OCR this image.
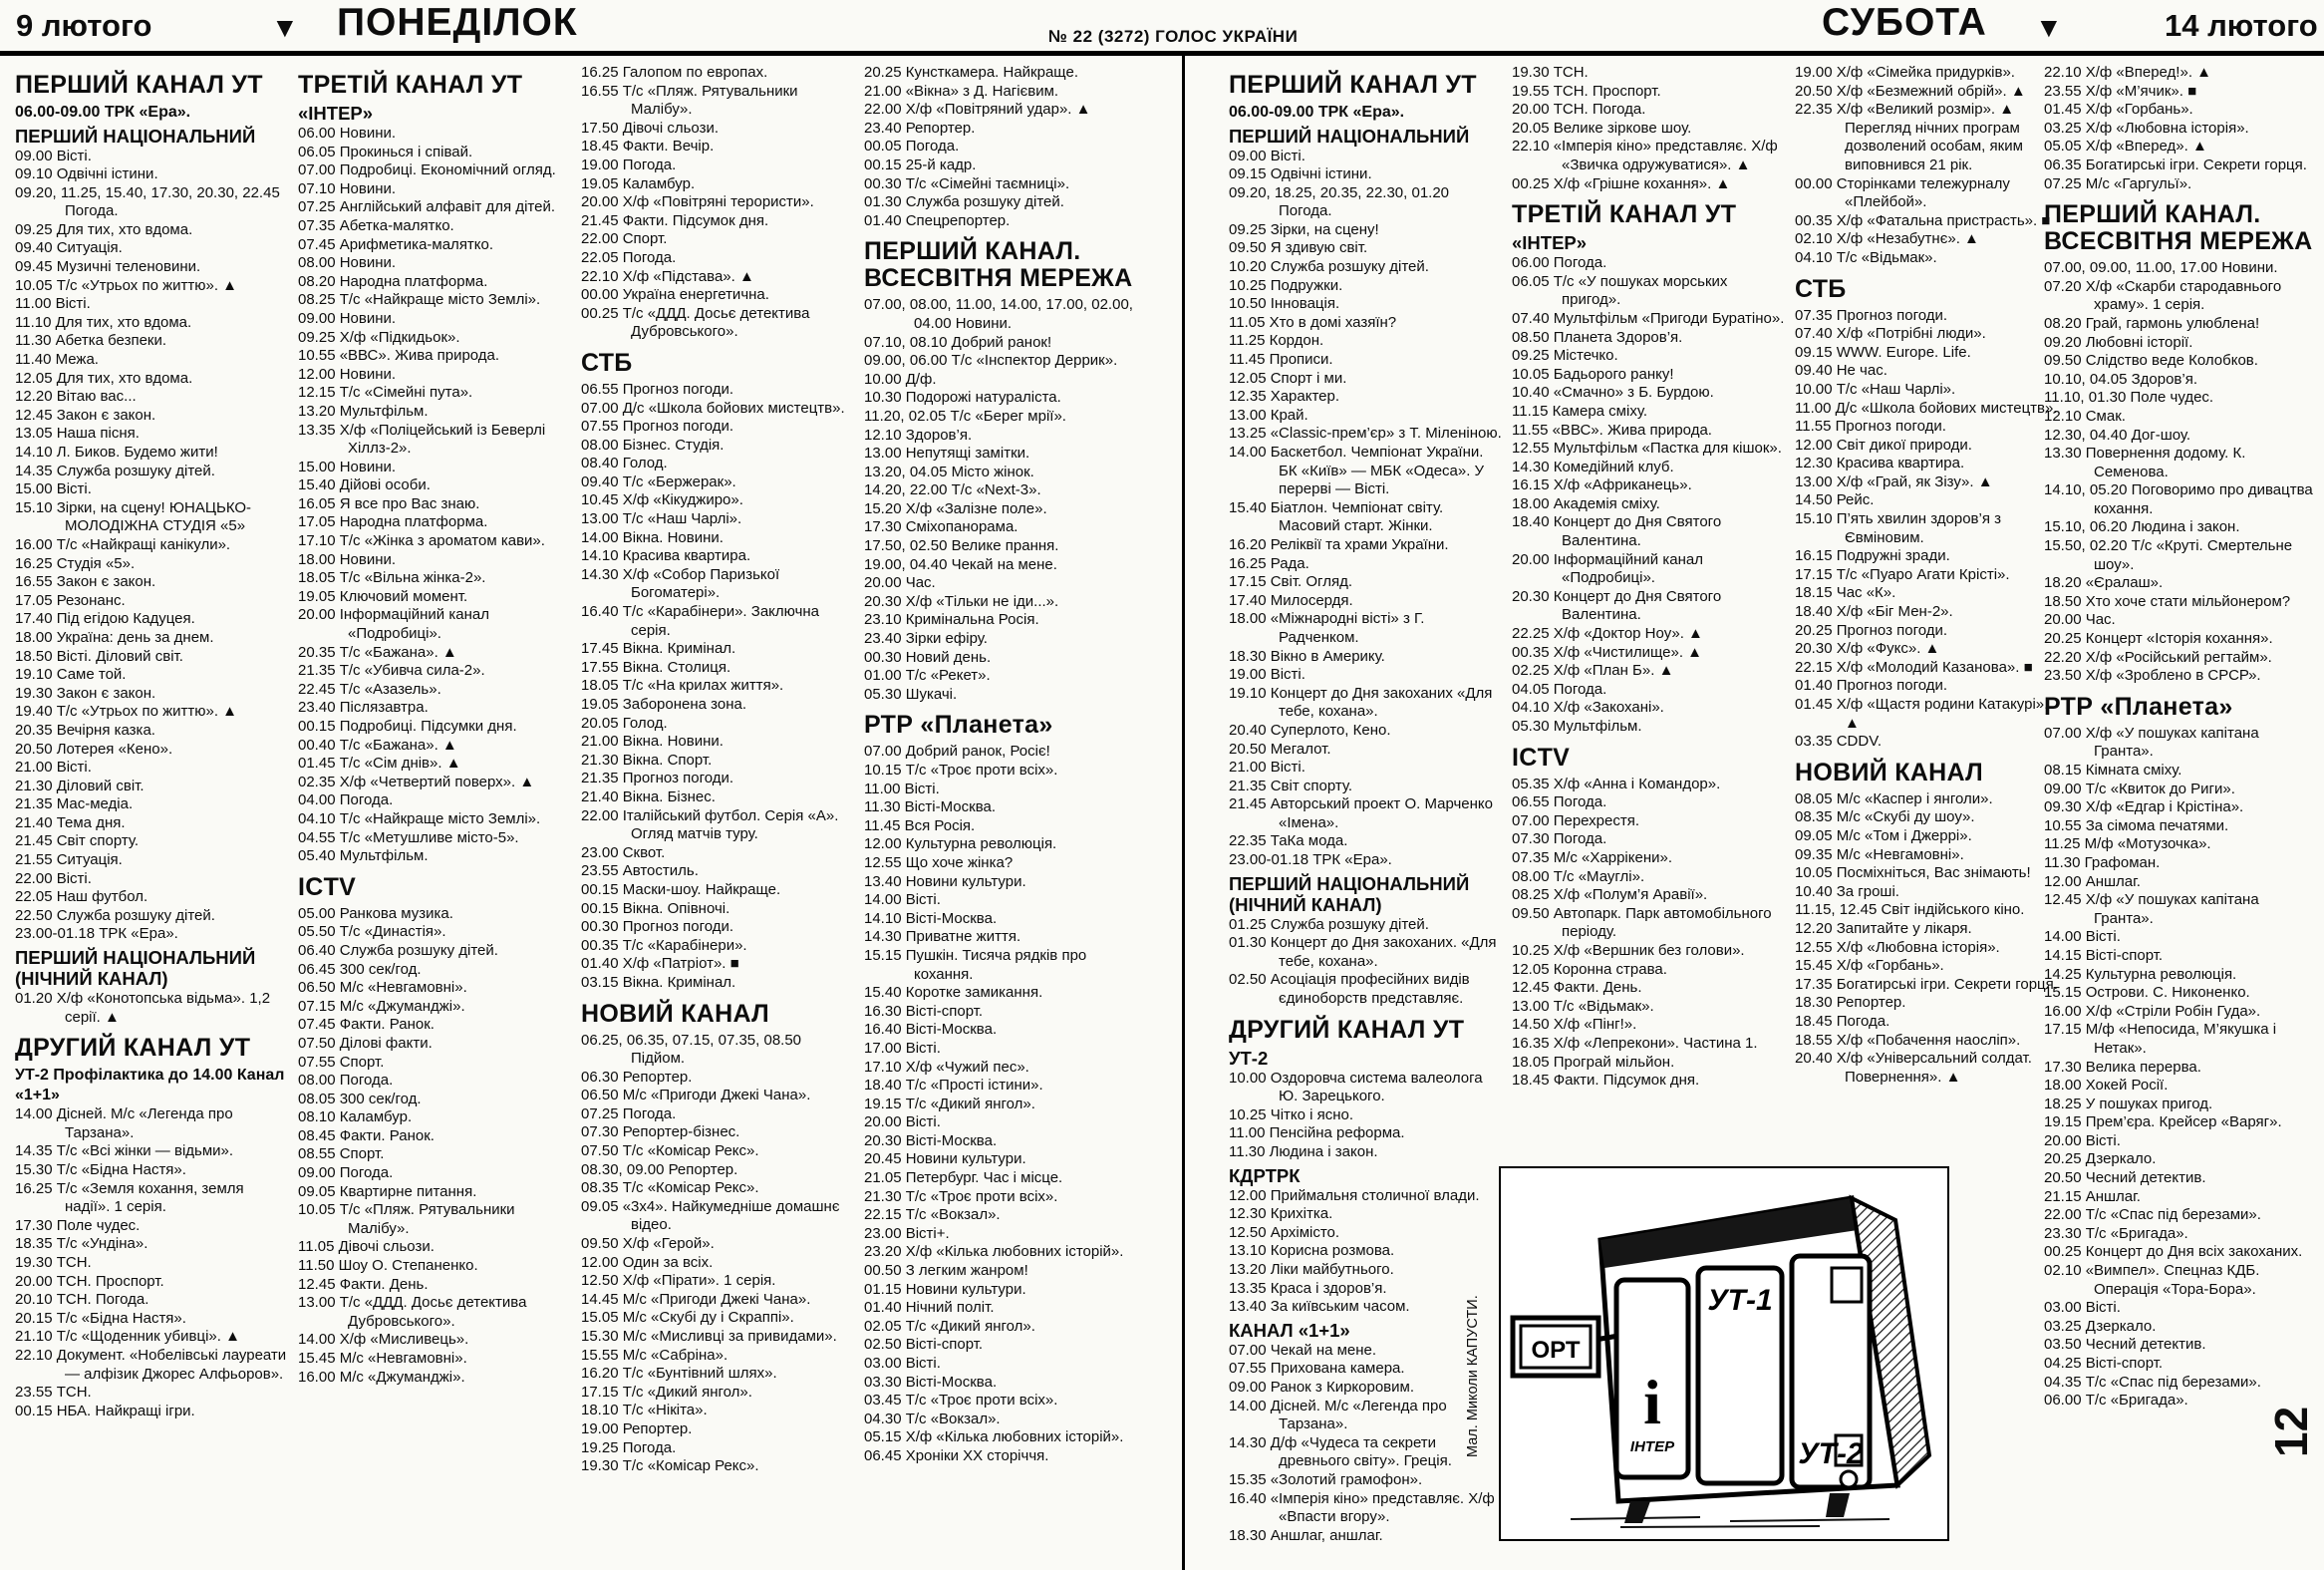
9 лютого	▼ ПОНЕДІЛОК	№ 22 (3272) ГОЛОС УКРАЇНИ	СУБОТА ▼	14 лютого
ПЕРШИЙ КАНАЛ УТ
06.00-09.00 ТРК «Ера».
ПЕРШИЙ НАЦІОНАЛЬНИЙ
09.00 Вісті.
09.10 Одвічні істини.
09.20, 11.25, 15.40, 17.30, 20.30, 22.45 Погода.
09.25 Для тих, хто вдома.
09.40 Ситуація.
09.45 Музичні теленовини.
10.05 Т/с «Утрьох по життю». ▲
11.00 Вісті.
11.10 Для тих, хто вдома.
11.30 Абетка безпеки.
11.40 Межа.
12.05 Для тих, хто вдома.
12.20 Вітаю вас...
12.45 Закон є закон.
13.05 Наша пісня.
14.10 Л. Биков. Будемо жити!
14.35 Служба розшуку дітей.
15.00 Вісті.
15.10 Зірки, на сцену! ЮНАЦЬКО-МОЛОДІЖНА СТУДІЯ «5»
16.00 Т/с «Найкращі канікули».
16.25 Студія «5».
16.55 Закон є закон.
17.05 Резонанс.
17.40 Під егідою Кадуцея.
18.00 Україна: день за днем.
18.50 Вісті. Діловий світ.
19.10 Саме той.
19.30 Закон є закон.
19.40 Т/с «Утрьох по життю». ▲
20.35 Вечірня казка.
20.50 Лотерея «Кено».
21.00 Вісті.
21.30 Діловий світ.
21.35 Мас-медіа.
21.40 Тема дня.
21.45 Світ спорту.
21.55 Ситуація.
22.00 Вісті.
22.05 Наш футбол.
22.50 Служба розшуку дітей.
23.00-01.18 ТРК «Ера».
ПЕРШИЙ НАЦІОНАЛЬНИЙ (НІЧНИЙ КАНАЛ)
01.20 Х/ф «Конотопська відьма». 1,2 серії. ▲
ДРУГИЙ КАНАЛ УТ
УТ-2 Профілактика до 14.00 Канал «1+1»
14.00 Дісней. М/с «Легенда про Тарзана».
14.35 Т/с «Всі жінки — відьми».
15.30 Т/с «Бідна Настя».
16.25 Т/с «Земля кохання, земля надії». 1 серія.
17.30 Поле чудес.
18.35 Т/с «Ундіна».
19.30 ТСН.
20.00 ТСН. Проспорт.
20.10 ТСН. Погода.
20.15 Т/с «Бідна Настя».
21.10 Т/с «Щоденник убивці». ▲
22.10 Документ. «Нобелівські лауреати — алфізик Джорес Алфьоров».
23.55 ТСН.
00.15 НБА. Найкращі ігри.
ТРЕТІЙ КАНАЛ УТ
«ІНТЕР»
06.00 Новини.
06.05 Прокинься і співай.
07.00 Подробиці. Економічний огляд.
07.10 Новини.
07.25 Англійський алфавіт для дітей.
07.35 Абетка-малятко.
07.45 Арифметика-малятко.
08.00 Новини.
08.20 Народна платформа.
08.25 Т/с «Найкраще місто Землі».
09.00 Новини.
09.25 Х/ф «Підкидьок».
10.55 «ВВС». Жива природа.
12.00 Новини.
12.15 Т/с «Сімейні пута».
13.20 Мультфільм.
13.35 Х/ф «Поліцейський із Беверлі Хіллз-2».
15.00 Новини.
15.40 Дійові особи.
16.05 Я все про Вас знаю.
17.05 Народна платформа.
17.10 Т/с «Жінка з ароматом кави».
18.00 Новини.
18.05 Т/с «Вільна жінка-2».
19.05 Ключовий момент.
20.00 Інформаційний канал «Подробиці».
20.35 Т/с «Бажана». ▲
21.35 Т/с «Убивча сила-2».
22.45 Т/с «Азазель».
23.40 Післязавтра.
00.15 Подробиці. Підсумки дня.
00.40 Т/с «Бажана». ▲
01.45 Т/с «Сім днів». ▲
02.35 Х/ф «Четвертий поверх». ▲
04.00 Погода.
04.10 Т/с «Найкраще місто Землі».
04.55 Т/с «Метушливе місто-5».
05.40 Мультфільм.
ICTV
05.00 Ранкова музика.
05.50 Т/с «Династія».
06.40 Служба розшуку дітей.
06.45 300 сек/год.
06.50 М/с «Невгамовні».
07.15 М/с «Джуманджі».
07.45 Факти. Ранок.
07.50 Ділові факти.
07.55 Спорт.
08.00 Погода.
08.05 300 сек/год.
08.10 Каламбур.
08.45 Факти. Ранок.
08.55 Спорт.
09.00 Погода.
09.05 Квартирне питання.
10.05 Т/с «Пляж. Рятувальники Малібу».
11.05 Дівочі сльози.
11.50 Шоу О. Степаненко.
12.45 Факти. День.
13.00 Т/с «ДДД. Досьє детектива Дубровського».
14.00 Х/ф «Мисливець».
15.45 М/с «Невгамовні».
16.00 М/с «Джуманджі».
16.25 Галопом по европах.
16.55 Т/с «Пляж. Рятувальники Малібу».
17.50 Дівочі сльози.
18.45 Факти. Вечір.
19.00 Погода.
19.05 Каламбур.
20.00 Х/ф «Повітряні терористи».
21.45 Факти. Підсумок дня.
22.00 Спорт.
22.05 Погода.
22.10 Х/ф «Підстава». ▲
00.00 Україна енергетична.
00.25 Т/с «ДДД. Досьє детектива Дубровського».
СТБ
06.55 Прогноз погоди.
07.00 Д/с «Школа бойових мистецтв».
07.55 Прогноз погоди.
08.00 Бізнес. Студія.
08.40 Голод.
09.40 Т/с «Бержерак».
10.45 Х/ф «Кікуджиро».
13.00 Т/с «Наш Чарлі».
14.00 Вікна. Новини.
14.10 Красива квартира.
14.30 Х/ф «Собор Паризької Богоматері».
16.40 Т/с «Карабінери». Заключна серія.
17.45 Вікна. Кримінал.
17.55 Вікна. Столиця.
18.05 Т/с «На крилах життя».
19.05 Заборонена зона.
20.05 Голод.
21.00 Вікна. Новини.
21.30 Вікна. Спорт.
21.35 Прогноз погоди.
21.40 Вікна. Бізнес.
22.00 Італійський футбол. Серія «А». Огляд матчів туру.
23.00 Сквот.
23.55 Автостиль.
00.15 Маски-шоу. Найкраще.
00.15 Вікна. Опівночі.
00.30 Прогноз погоди.
00.35 Т/с «Карабінери».
01.40 Х/ф «Патріот». ■
03.15 Вікна. Кримінал.
НОВИЙ КАНАЛ
06.25, 06.35, 07.15, 07.35, 08.50 Підйом.
06.30 Репортер.
06.50 М/с «Пригоди Джекі Чана».
07.25 Погода.
07.30 Репортер-бізнес.
07.50 Т/с «Комісар Рекс».
08.30, 09.00 Репортер.
08.35 Т/с «Комісар Рекс».
09.05 «3х4». Найкумедніше домашнє відео.
09.50 Х/ф «Герой».
12.00 Один за всіх.
12.50 Х/ф «Пірати». 1 серія.
14.45 М/с «Пригоди Джекі Чана».
15.05 М/с «Скубі ду і Скраппі».
15.30 М/с «Мисливці за привидами».
15.55 М/с «Сабріна».
16.20 Т/с «Бунтівний шлях».
17.15 Т/с «Дикий янгол».
18.10 Т/с «Нікіта».
19.00 Репортер.
19.25 Погода.
19.30 Т/с «Комісар Рекс».
20.25 Кунсткамера. Найкраще.
21.00 «Вікна» з Д. Нагієвим.
22.00 Х/ф «Повітряний удар». ▲
23.40 Репортер.
00.05 Погода.
00.15 25-й кадр.
00.30 Т/с «Сімейні таємниці».
01.30 Служба розшуку дітей.
01.40 Спецрепортер.
ПЕРШИЙ КАНАЛ. ВСЕСВІТНЯ МЕРЕЖА
07.00, 08.00, 11.00, 14.00, 17.00, 02.00, 04.00 Новини.
07.10, 08.10 Добрий ранок!
09.00, 06.00 Т/с «Інспектор Деррик».
10.00 Д/ф.
10.30 Подорожі натураліста.
11.20, 02.05 Т/с «Берег мрії».
12.10 Здоров’я.
13.00 Непутящі замітки.
13.20, 04.05 Місто жінок.
14.20, 22.00 Т/с «Next-3».
15.20 Х/ф «Залізне поле».
17.30 Сміхопанорама.
17.50, 02.50 Велике прання.
19.00, 04.40 Чекай на мене.
20.00 Час.
20.30 Х/ф «Тільки не іди...».
23.10 Кримінальна Росія.
23.40 Зірки ефіру.
00.30 Новий день.
01.00 Т/с «Рекет».
05.30 Шукачі.
РТР «Планета»
07.00 Добрий ранок, Росіє!
10.15 Т/с «Троє проти всіх».
11.00 Вісті.
11.30 Вісті-Москва.
11.45 Вся Росія.
12.00 Культурна революція.
12.55 Що хоче жінка?
13.40 Новини культури.
14.00 Вісті.
14.10 Вісті-Москва.
14.30 Приватне життя.
15.15 Пушкін. Тисяча рядків про кохання.
15.40 Коротке замикання.
16.30 Вісті-спорт.
16.40 Вісті-Москва.
17.00 Вісті.
17.10 Х/ф «Чужий пес».
18.40 Т/с «Прості істини».
19.15 Т/с «Дикий янгол».
20.00 Вісті.
20.30 Вісті-Москва.
20.45 Новини культури.
21.05 Петербург. Час і місце.
21.30 Т/с «Троє проти всіх».
22.15 Т/с «Вокзал».
23.00 Вісті+.
23.20 Х/ф «Кілька любовних історій».
00.50 З легким жанром!
01.15 Новини культури.
01.40 Нічний політ.
02.05 Т/с «Дикий янгол».
02.50 Вісті-спорт.
03.00 Вісті.
03.30 Вісті-Москва.
03.45 Т/с «Троє проти всіх».
04.30 Т/с «Вокзал».
05.15 Х/ф «Кілька любовних історій».
06.45 Хроніки XX сторіччя.
ПЕРШИЙ КАНАЛ УТ
06.00-09.00 ТРК «Ера».
ПЕРШИЙ НАЦІОНАЛЬНИЙ
09.00 Вісті.
09.15 Одвічні істини.
09.20, 18.25, 20.35, 22.30, 01.20 Погода.
09.25 Зірки, на сцену!
09.50 Я здивую світ.
10.20 Служба розшуку дітей.
10.25 Подружки.
10.50 Інновація.
11.05 Хто в домі хазяїн?
11.25 Кордон.
11.45 Прописи.
12.05 Спорт і ми.
12.35 Характер.
13.00 Край.
13.25 «Classic-прем’єр» з Т. Міленіною.
14.00 Баскетбол. Чемпіонат України. БК «Київ» — МБК «Одеса». У перерві — Вісті.
15.40 Біатлон. Чемпіонат світу. Масовий старт. Жінки.
16.20 Реліквії та храми України.
16.25 Рада.
17.15 Світ. Огляд.
17.40 Милосердя.
18.00 «Міжнародні вісті» з Г. Радченком.
18.30 Вікно в Америку.
19.00 Вісті.
19.10 Концерт до Дня закоханих «Для тебе, кохана».
20.40 Суперлото, Кено.
20.50 Мегалот.
21.00 Вісті.
21.35 Світ спорту.
21.45 Авторський проект О. Марченко «Імена».
22.35 ТаКа мода.
23.00-01.18 ТРК «Ера».
ПЕРШИЙ НАЦІОНАЛЬНИЙ (НІЧНИЙ КАНАЛ)
01.25 Служба розшуку дітей.
01.30 Концерт до Дня закоханих. «Для тебе, кохана».
02.50 Асоціація професійних видів єдиноборств представляє.
ДРУГИЙ КАНАЛ УТ
УТ-2
10.00 Оздоровча система валеолога Ю. Зарецького.
10.25 Чітко і ясно.
11.00 Пенсійна реформа.
11.30 Людина і закон.
КДРТРК
12.00 Приймальня столичної влади.
12.30 Крихітка.
12.50 Архімісто.
13.10 Корисна розмова.
13.20 Ліки майбутнього.
13.35 Краса і здоров’я.
13.40 За київським часом.
КАНАЛ «1+1»
07.00 Чекай на мене.
07.55 Прихована камера.
09.00 Ранок з Киркоровим.
14.00 Дісней. М/с «Легенда про Тарзана».
14.30 Д/ф «Чудеса та секрети древнього світу». Греція.
15.35 «Золотий грамофон».
16.40 «Імперія кіно» представляє. Х/ф «Впасти вгору».
18.30 Аншлаг, аншлаг.
19.30 ТСН.
19.55 ТСН. Проспорт.
20.00 ТСН. Погода.
20.05 Велике зіркове шоу.
22.10 «Імперія кіно» представляє. Х/ф «Звичка одружуватися». ▲
00.25 Х/ф «Грішне кохання». ▲
ТРЕТІЙ КАНАЛ УТ
«ІНТЕР»
06.00 Погода.
06.05 Т/с «У пошуках морських пригод».
07.40 Мультфільм «Пригоди Буратіно».
08.50 Планета Здоров’я.
09.25 Містечко.
10.05 Бадьорого ранку!
10.40 «Смачно» з Б. Бурдою.
11.15 Камера сміху.
11.55 «ВВС». Жива природа.
12.55 Мультфільм «Пастка для кішок».
14.30 Комедійний клуб.
16.15 Х/ф «Африканець».
18.00 Академія сміху.
18.40 Концерт до Дня Святого Валентина.
20.00 Інформаційний канал «Подробиці».
20.30 Концерт до Дня Святого Валентина.
22.25 Х/ф «Доктор Ноу». ▲
00.35 Х/ф «Чистилище». ▲
02.25 Х/ф «План Б». ▲
04.05 Погода.
04.10 Х/ф «Закохані».
05.30 Мультфільм.
ICTV
05.35 Х/ф «Анна і Командор».
06.55 Погода.
07.00 Перехрестя.
07.30 Погода.
07.35 М/с «Харрікени».
08.00 Т/с «Мауглі».
08.25 Х/ф «Полум’я Аравії».
09.50 Автопарк. Парк автомобільного періоду.
10.25 Х/ф «Вершник без голови».
12.05 Коронна страва.
12.45 Факти. День.
13.00 Т/с «Відьмак».
14.50 Х/ф «Пінг!».
16.35 Х/ф «Лепрекони». Частина 1.
18.05 Програй мільйон.
18.45 Факти. Підсумок дня.
19.00 Х/ф «Сімейка придурків».
20.50 Х/ф «Безмежний обрій». ▲
22.35 Х/ф «Великий розмір». ▲ Перегляд нічних програм дозволений особам, яким виповнився 21 рік.
00.00 Сторінками тележурналу «Плейбой».
00.35 Х/ф «Фатальна пристрасть». ■
02.10 Х/ф «Незабутнє». ▲
04.10 Т/с «Відьмак».
СТБ
07.35 Прогноз погоди.
07.40 Х/ф «Потрібні люди».
09.15 WWW. Europe. Life.
09.40 Не час.
10.00 Т/с «Наш Чарлі».
11.00 Д/с «Школа бойових мистецтв».
11.55 Прогноз погоди.
12.00 Світ дикої природи.
12.30 Красива квартира.
13.00 Х/ф «Грай, як Зізу». ▲
14.50 Рейс.
15.10 П’ять хвилин здоров’я з Євміновим.
16.15 Подружні зради.
17.15 Т/с «Пуаро Агати Крісті».
18.15 Час «К».
18.40 Х/ф «Біг Мен-2».
20.25 Прогноз погоди.
20.30 Х/ф «Фукс». ▲
22.15 Х/ф «Молодий Казанова». ■
01.40 Прогноз погоди.
01.45 Х/ф «Щастя родини Катакурі». ▲
03.35 CDDV.
НОВИЙ КАНАЛ
08.05 М/с «Каспер і янголи».
08.35 М/с «Скубі ду шоу».
09.05 М/с «Том і Джеррі».
09.35 М/с «Невгамовні».
10.05 Посміхніться, Вас знімають!
10.40 За гроші.
11.15, 12.45 Світ індійського кіно.
12.20 Запитайте у лікаря.
12.55 Х/ф «Любовна історія».
15.45 Х/ф «Горбань».
17.35 Богатирські ігри. Секрети горця.
18.30 Репортер.
18.45 Погода.
18.55 Х/ф «Побачення наосліп».
20.40 Х/ф «Універсальний солдат. Повернення». ▲
22.10 Х/ф «Вперед!». ▲
23.55 Х/ф «М’ячик». ■
01.45 Х/ф «Горбань».
03.25 Х/ф «Любовна історія».
05.05 Х/ф «Вперед». ▲
06.35 Богатирські ігри. Секрети горця.
07.25 М/с «Гаргульї».
ПЕРШИЙ КАНАЛ. ВСЕСВІТНЯ МЕРЕЖА
07.00, 09.00, 11.00, 17.00 Новини.
07.20 Х/ф «Скарби стародавнього храму». 1 серія.
08.20 Грай, гармонь улюблена!
09.20 Любовні історії.
09.50 Слідство веде Колобков.
10.10, 04.05 Здоров’я.
11.10, 01.30 Поле чудес.
12.10 Смак.
12.30, 04.40 Дог-шоу.
13.30 Повернення додому. К. Семенова.
14.10, 05.20 Поговоримо про дивацтва кохання.
15.10, 06.20 Людина і закон.
15.50, 02.20 Т/с «Круті. Смертельне шоу».
18.20 «Єралаш».
18.50 Хто хоче стати мільйонером?
20.00 Час.
20.25 Концерт «Історія кохання».
22.20 Х/ф «Російський регтайм».
23.50 Х/ф «Зроблено в СРСР».
РТР «Планета»
07.00 Х/ф «У пошуках капітана Гранта».
08.15 Кімната сміху.
09.00 Т/с «Квиток до Риги».
09.30 Х/ф «Едгар і Крістіна».
10.55 За сімома печатями.
11.25 М/ф «Мотузочка».
11.30 Графоман.
12.00 Аншлаг.
12.45 Х/ф «У пошуках капітана Гранта».
14.00 Вісті.
14.15 Вісті-спорт.
14.25 Культурна революція.
15.15 Острови. С. Никоненко.
16.00 Х/ф «Стріли Робін Гуда».
17.15 М/ф «Непосида, М’якушка і Нетак».
17.30 Велика перерва.
18.00 Хокей Росії.
18.25 У пошуках пригод.
19.15 Прем’єра. Крейсер «Варяг».
20.00 Вісті.
20.25 Дзеркало.
20.50 Чесний детектив.
21.15 Аншлаг.
22.00 Т/с «Спас під березами».
23.30 Т/с «Бригада».
00.25 Концерт до Дня всіх закоханих.
02.10 «Вимпел». Спецназ КДБ. Операція «Тора-Бора».
03.00 Вісті.
03.25 Дзеркало.
03.50 Чесний детектив.
04.25 Вісті-спорт.
04.35 Т/с «Спас під березами».
06.00 Т/с «Бригада».
ОРТ
УТ-1
УТ-2
і
ІНТЕР
Мал. Миколи КАПУСТИ.	12
